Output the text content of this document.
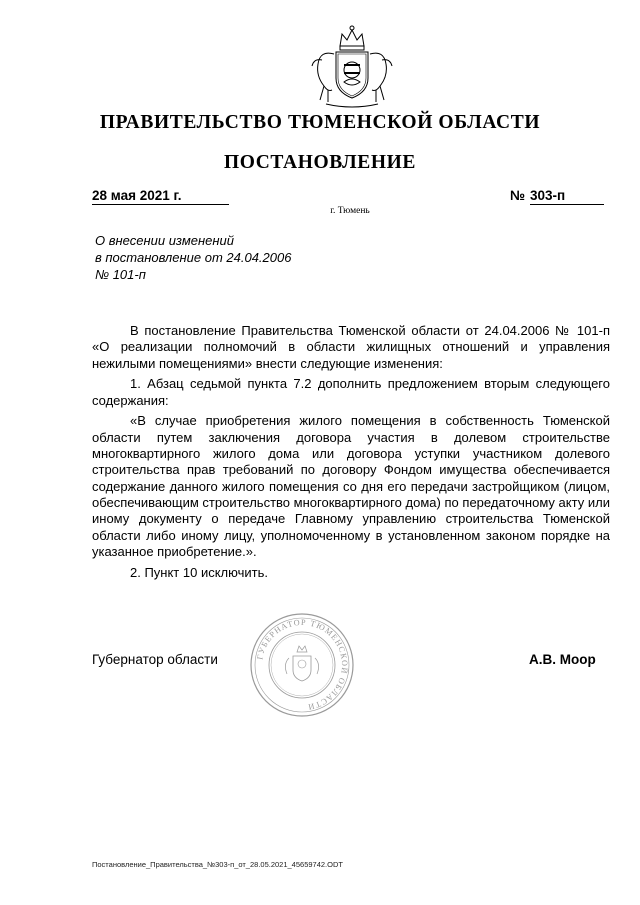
ПРАВИТЕЛЬСТВО ТЮМЕНСКОЙ ОБЛАСТИ
ПОСТАНОВЛЕНИЕ
28 мая 2021 г.	№ 303-п
г. Тюмень
О внесении изменений
в постановление от 24.04.2006
№ 101-п

В постановление Правительства Тюменской области от 24.04.2006 № 101-п «О реализации полномочий в области жилищных отношений и управления нежилыми помещениями» внести следующие изменения:

1. Абзац седьмой пункта 7.2 дополнить предложением вторым следующего содержания:

«В случае приобретения жилого помещения в собственность Тюменской области путем заключения договора участия в долевом строительстве многоквартирного жилого дома или договора уступки участником долевого строительства прав требований по договору Фондом имущества обеспечивается содержание данного жилого помещения со дня его передачи застройщиком (лицом, обеспечивающим строительство многоквартирного дома) по передаточному акту или иному документу о передаче Главному управлению строительства Тюменской области либо иному лицу, уполномоченному в установленном законом порядке на указанное приобретение.».

2. Пункт 10 исключить.

ГУБЕРНАТОР ТЮМЕНСКОЙ ОБЛАСТИ
Губернатор области	А.В. Моор
Постановление_Правительства_№303-п_от_28.05.2021_45659742.ODT
